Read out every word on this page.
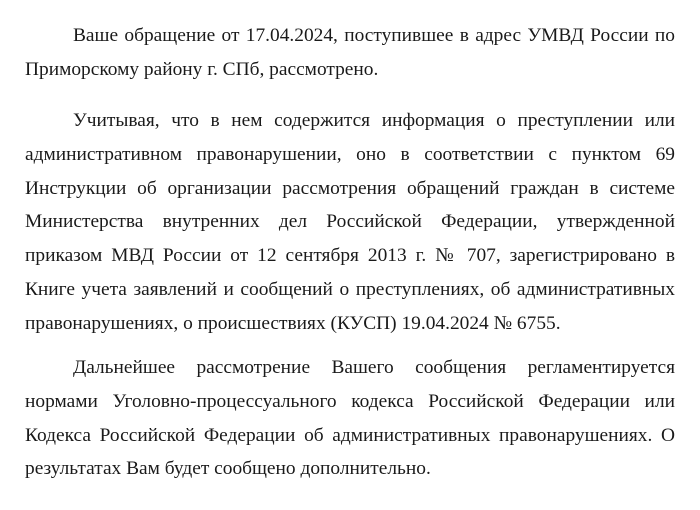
Ваше обращение от 17.04.2024, поступившее в адрес УМВД России по Приморскому району г. СПб, рассмотрено.

Учитывая, что в нем содержится информация о преступлении или административном правонарушении, оно в соответствии с пунктом 69 Инструкции об организации рассмотрения обращений граждан в системе Министерства внутренних дел Российской Федерации, утвержденной приказом МВД России от 12 сентября 2013 г. № 707, зарегистрировано в Книге учета заявлений и сообщений о преступлениях, об административных правонарушениях, о происшествиях (КУСП) 19.04.2024 № 6755.

Дальнейшее рассмотрение Вашего сообщения регламентируется нормами Уголовно-процессуального кодекса Российской Федерации или Кодекса Российской Федерации об административных правонарушениях. О результатах Вам будет сообщено дополнительно.
